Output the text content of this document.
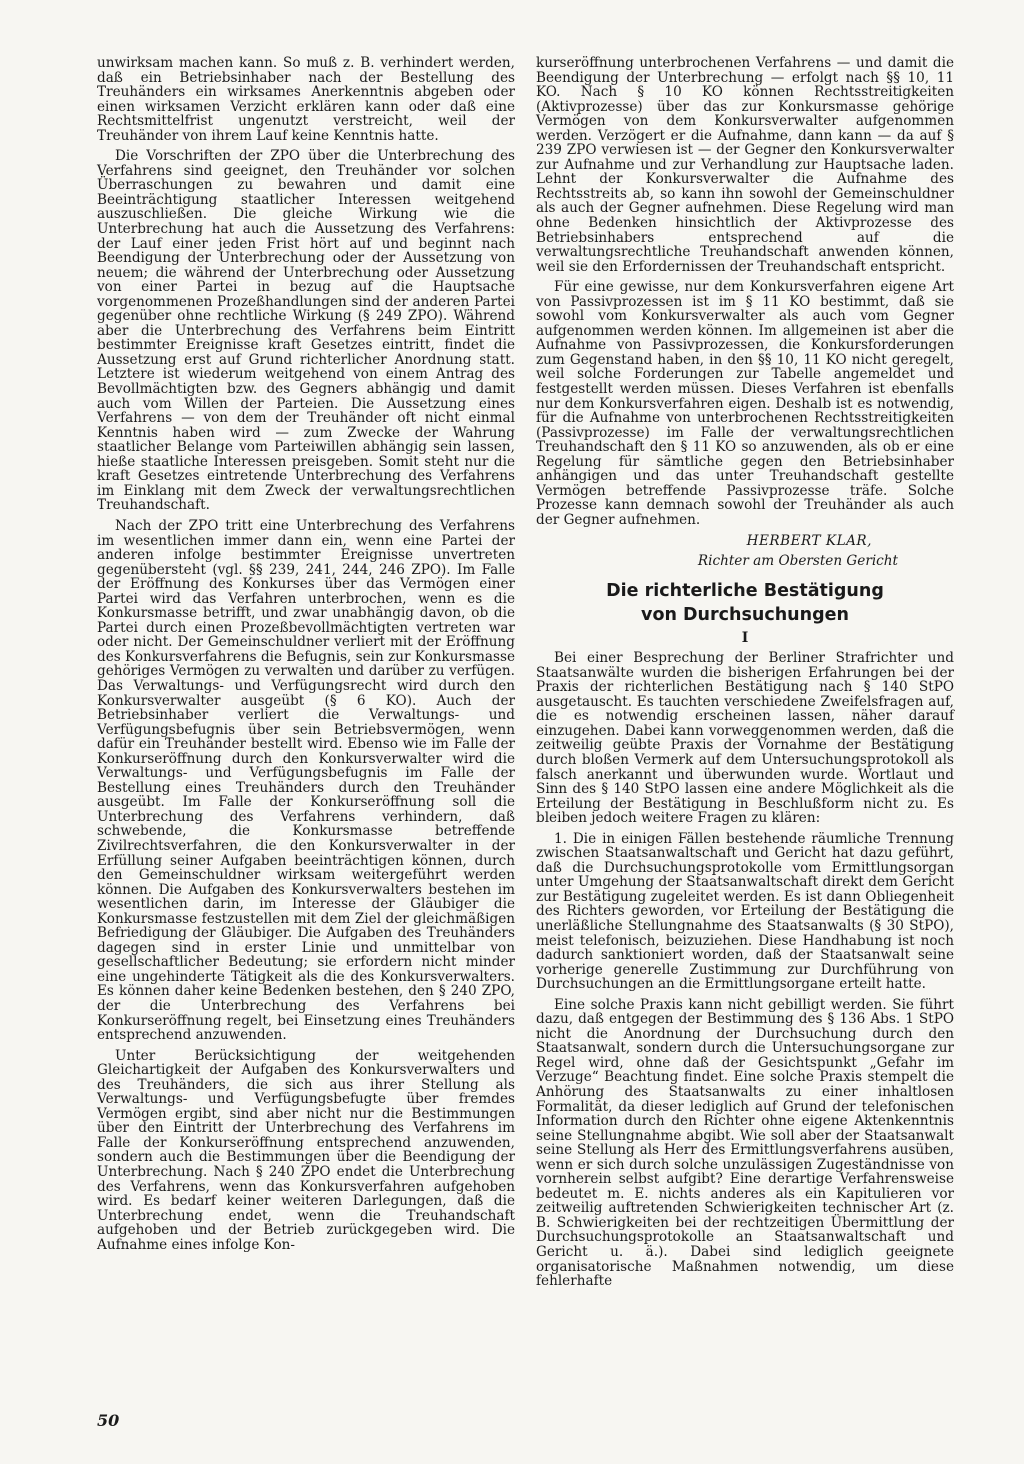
unwirksam machen kann. So muß z. B. verhindert werden, daß ein Betriebsinhaber nach der Bestellung des Treuhänders ein wirksames Anerkenntnis abgeben oder einen wirksamen Verzicht erklären kann oder daß eine Rechtsmittelfrist ungenutzt verstreicht, weil der Treuhänder von ihrem Lauf keine Kenntnis hatte.

Die Vorschriften der ZPO über die Unterbrechung des Verfahrens sind geeignet, den Treuhänder vor solchen Überraschungen zu bewahren und damit eine Beeinträchtigung staatlicher Interessen weitgehend auszuschließen. Die gleiche Wirkung wie die Unterbrechung hat auch die Aussetzung des Verfahrens: der Lauf einer jeden Frist hört auf und beginnt nach Beendigung der Unterbrechung oder der Aussetzung von neuem; die während der Unterbrechung oder Aussetzung von einer Partei in bezug auf die Hauptsache vorgenommenen Prozeßhandlungen sind der anderen Partei gegenüber ohne rechtliche Wirkung (§ 249 ZPO). Während aber die Unterbrechung des Verfahrens beim Eintritt bestimmter Ereignisse kraft Gesetzes eintritt, findet die Aussetzung erst auf Grund richterlicher Anordnung statt. Letztere ist wiederum weitgehend von einem Antrag des Bevollmächtigten bzw. des Gegners abhängig und damit auch vom Willen der Parteien. Die Aussetzung eines Verfahrens — von dem der Treuhänder oft nicht einmal Kenntnis haben wird — zum Zwecke der Wahrung staatlicher Belange vom Parteiwillen abhängig sein lassen, hieße staatliche Interessen preisgeben. Somit steht nur die kraft Gesetzes eintretende Unterbrechung des Verfahrens im Einklang mit dem Zweck der verwaltungsrechtlichen Treuhandschaft.

Nach der ZPO tritt eine Unterbrechung des Verfahrens im wesentlichen immer dann ein, wenn eine Partei der anderen infolge bestimmter Ereignisse unvertreten gegenübersteht (vgl. §§ 239, 241, 244, 246 ZPO). Im Falle der Eröffnung des Konkurses über das Vermögen einer Partei wird das Verfahren unterbrochen, wenn es die Konkursmasse betrifft, und zwar unabhängig davon, ob die Partei durch einen Prozeßbevollmächtigten vertreten war oder nicht. Der Gemeinschuldner verliert mit der Eröffnung des Konkursverfahrens die Befugnis, sein zur Konkursmasse gehöriges Vermögen zu verwalten und darüber zu verfügen. Das Verwaltungs- und Verfügungsrecht wird durch den Konkursverwalter ausgeübt (§ 6 KO). Auch der Betriebsinhaber verliert die Verwaltungs- und Verfügungsbefugnis über sein Betriebsvermögen, wenn dafür ein Treuhänder bestellt wird. Ebenso wie im Falle der Konkurseröffnung durch den Konkursverwalter wird die Verwaltungs- und Verfügungsbefugnis im Falle der Bestellung eines Treuhänders durch den Treuhänder ausgeübt. Im Falle der Konkurseröffnung soll die Unterbrechung des Verfahrens verhindern, daß schwebende, die Konkursmasse betreffende Zivilrechtsverfahren, die den Konkursverwalter in der Erfüllung seiner Aufgaben beeinträchtigen können, durch den Gemeinschuldner wirksam weitergeführt werden können. Die Aufgaben des Konkursverwalters bestehen im wesentlichen darin, im Interesse der Gläubiger die Konkursmasse festzustellen mit dem Ziel der gleichmäßigen Befriedigung der Gläubiger. Die Aufgaben des Treuhänders dagegen sind in erster Linie und unmittelbar von gesellschaftlicher Bedeutung; sie erfordern nicht minder eine ungehinderte Tätigkeit als die des Konkursverwalters. Es können daher keine Bedenken bestehen, den § 240 ZPO, der die Unterbrechung des Verfahrens bei Konkurseröffnung regelt, bei Einsetzung eines Treuhänders entsprechend anzuwenden.

Unter Berücksichtigung der weitgehenden Gleichartigkeit der Aufgaben des Konkursverwalters und des Treuhänders, die sich aus ihrer Stellung als Verwaltungs- und Verfügungsbefugte über fremdes Vermögen ergibt, sind aber nicht nur die Bestimmungen über den Eintritt der Unterbrechung des Verfahrens im Falle der Konkurseröffnung entsprechend anzuwenden, sondern auch die Bestimmungen über die Beendigung der Unterbrechung. Nach § 240 ZPO endet die Unterbrechung des Verfahrens, wenn das Konkursverfahren aufgehoben wird. Es bedarf keiner weiteren Darlegungen, daß die Unterbrechung endet, wenn die Treuhandschaft aufgehoben und der Betrieb zurückgegeben wird. Die Aufnahme eines infolge Kon-

kurseröffnung unterbrochenen Verfahrens — und damit die Beendigung der Unterbrechung — erfolgt nach §§ 10, 11 KO. Nach § 10 KO können Rechtsstreitigkeiten (Aktivprozesse) über das zur Konkursmasse gehörige Vermögen von dem Konkursverwalter aufgenommen werden. Verzögert er die Aufnahme, dann kann — da auf § 239 ZPO verwiesen ist — der Gegner den Konkursverwalter zur Aufnahme und zur Verhandlung zur Hauptsache laden. Lehnt der Konkursverwalter die Aufnahme des Rechtsstreits ab, so kann ihn sowohl der Gemeinschuldner als auch der Gegner aufnehmen. Diese Regelung wird man ohne Bedenken hinsichtlich der Aktivprozesse des Betriebsinhabers entsprechend auf die verwaltungsrechtliche Treuhandschaft anwenden können, weil sie den Erfordernissen der Treuhandschaft entspricht.

Für eine gewisse, nur dem Konkursverfahren eigene Art von Passivprozessen ist im § 11 KO bestimmt, daß sie sowohl vom Konkursverwalter als auch vom Gegner aufgenommen werden können. Im allgemeinen ist aber die Aufnahme von Passivprozessen, die Konkursforderungen zum Gegenstand haben, in den §§ 10, 11 KO nicht geregelt, weil solche Forderungen zur Tabelle angemeldet und festgestellt werden müssen. Dieses Verfahren ist ebenfalls nur dem Konkursverfahren eigen. Deshalb ist es notwendig, für die Aufnahme von unterbrochenen Rechtsstreitigkeiten (Passivprozesse) im Falle der verwaltungsrechtlichen Treuhandschaft den § 11 KO so anzuwenden, als ob er eine Regelung für sämtliche gegen den Betriebsinhaber anhängigen und das unter Treuhandschaft gestellte Vermögen betreffende Passivprozesse träfe. Solche Prozesse kann demnach sowohl der Treuhänder als auch der Gegner aufnehmen.

HERBERT KLAR,

Richter am Obersten Gericht

Die richterliche Bestätigung
von Durchsuchungen
I

Bei einer Besprechung der Berliner Strafrichter und Staatsanwälte wurden die bisherigen Erfahrungen bei der Praxis der richterlichen Bestätigung nach § 140 StPO ausgetauscht. Es tauchten verschiedene Zweifelsfragen auf, die es notwendig erscheinen lassen, näher darauf einzugehen. Dabei kann vorweggenommen werden, daß die zeitweilig geübte Praxis der Vornahme der Bestätigung durch bloßen Vermerk auf dem Untersuchungsprotokoll als falsch anerkannt und überwunden wurde. Wortlaut und Sinn des § 140 StPO lassen eine andere Möglichkeit als die Erteilung der Bestätigung in Beschlußform nicht zu. Es bleiben jedoch weitere Fragen zu klären:

1. Die in einigen Fällen bestehende räumliche Trennung zwischen Staatsanwaltschaft und Gericht hat dazu geführt, daß die Durchsuchungsprotokolle vom Ermittlungsorgan unter Umgehung der Staatsanwaltschaft direkt dem Gericht zur Bestätigung zugeleitet werden. Es ist dann Obliegenheit des Richters geworden, vor Erteilung der Bestätigung die unerläßliche Stellungnahme des Staatsanwalts (§ 30 StPO), meist telefonisch, beizuziehen. Diese Handhabung ist noch dadurch sanktioniert worden, daß der Staatsanwalt seine vorherige generelle Zustimmung zur Durchführung von Durchsuchungen an die Ermittlungsorgane erteilt hatte.

Eine solche Praxis kann nicht gebilligt werden. Sie führt dazu, daß entgegen der Bestimmung des § 136 Abs. 1 StPO nicht die Anordnung der Durchsuchung durch den Staatsanwalt, sondern durch die Untersuchungsorgane zur Regel wird, ohne daß der Gesichtspunkt „Gefahr im Verzuge“ Beachtung findet. Eine solche Praxis stempelt die Anhörung des Staatsanwalts zu einer inhaltlosen Formalität, da dieser lediglich auf Grund der telefonischen Information durch den Richter ohne eigene Aktenkenntnis seine Stellungnahme abgibt. Wie soll aber der Staatsanwalt seine Stellung als Herr des Ermittlungsverfahrens ausüben, wenn er sich durch solche unzulässigen Zugeständnisse von vornherein selbst aufgibt? Eine derartige Verfahrensweise bedeutet m. E. nichts anderes als ein Kapitulieren vor zeitweilig auftretenden Schwierigkeiten technischer Art (z. B. Schwierigkeiten bei der rechtzeitigen Übermittlung der Durchsuchungsprotokolle an Staatsanwaltschaft und Gericht u. ä.). Dabei sind lediglich geeignete organisatorische Maßnahmen notwendig, um diese fehlerhafte

50
